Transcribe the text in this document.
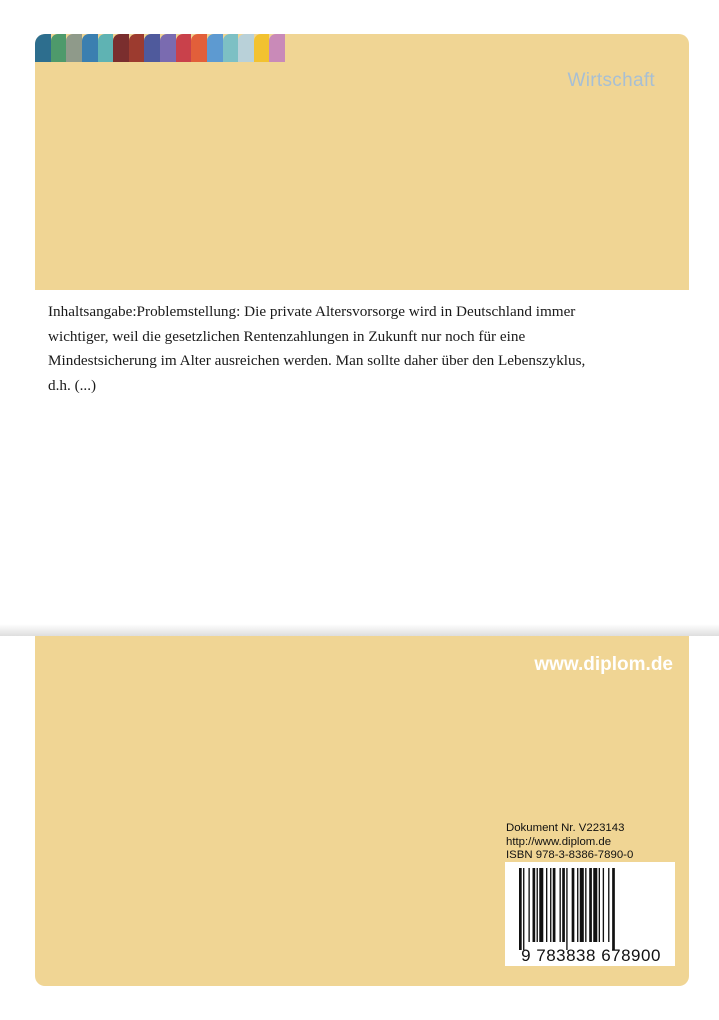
Wirtschaft
Inhaltsangabe:Problemstellung: Die private Altersvorsorge wird in Deutschland immer wichtiger, weil die gesetzlichen Rentenzahlungen in Zukunft nur noch für eine Mindestsicherung im Alter ausreichen werden. Man sollte daher über den Lebenszyklus, d.h. (...)
www.diplom.de
Dokument Nr. V223143
http://www.diplom.de
ISBN 978-3-8386-7890-0
9 783838 678900
